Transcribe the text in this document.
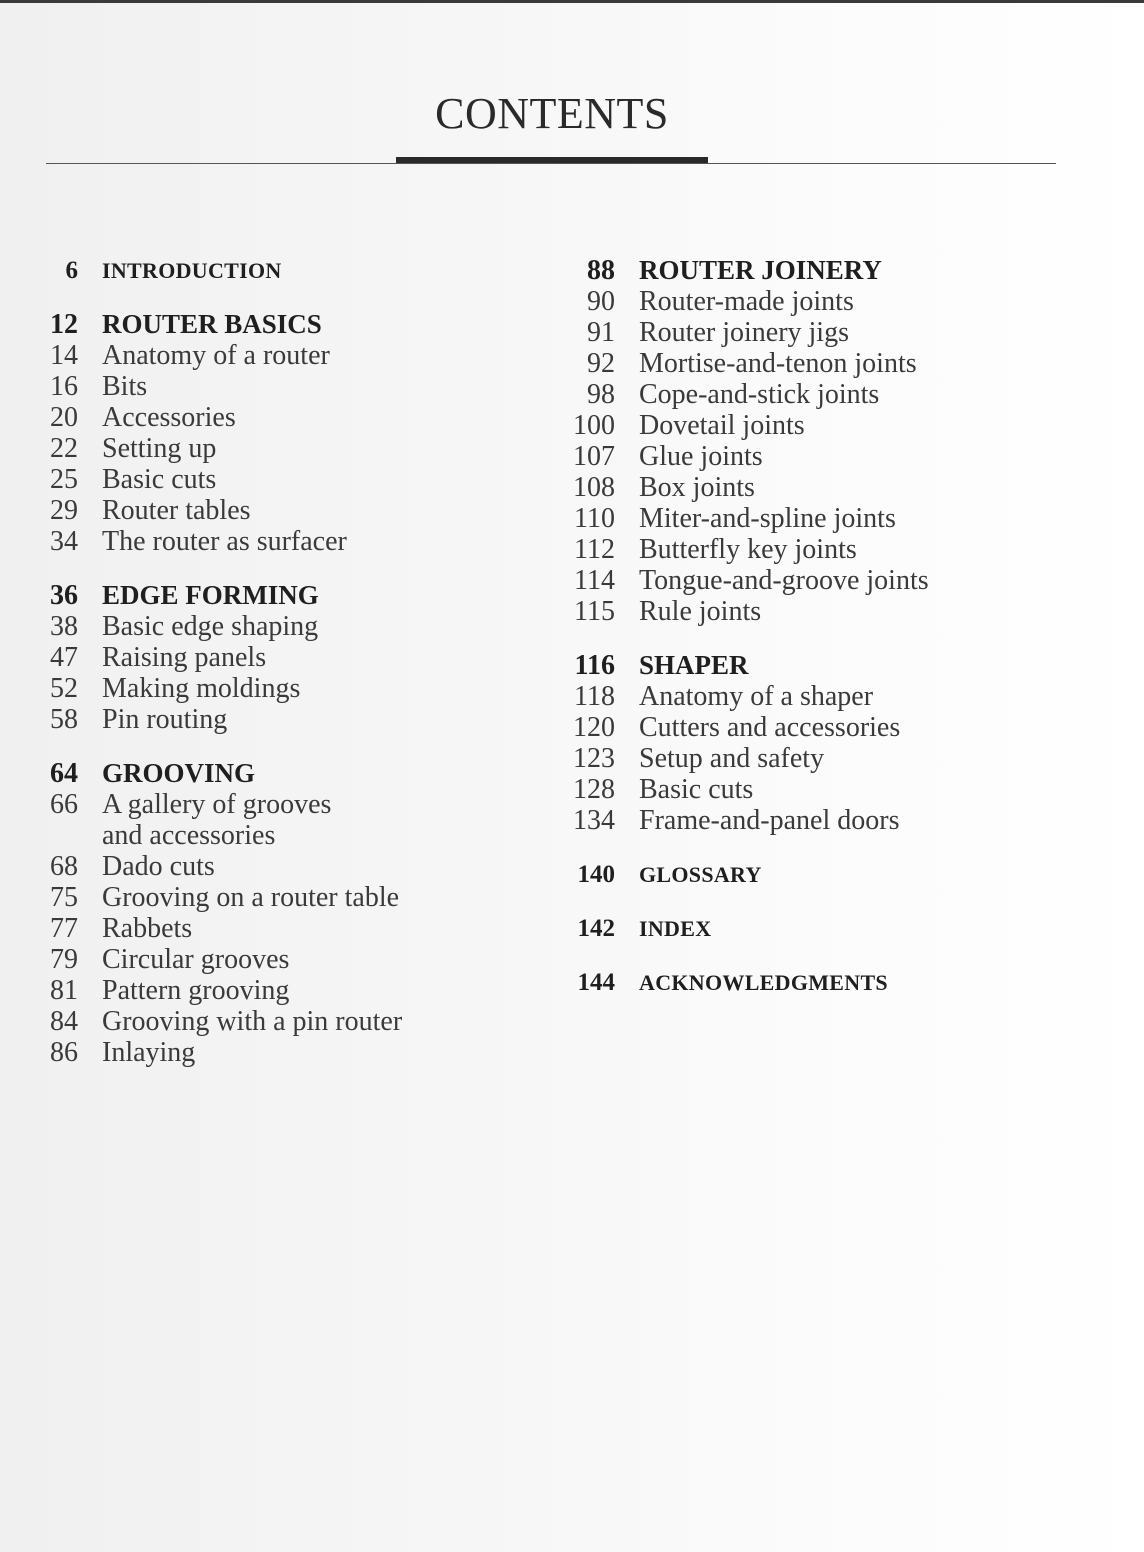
CONTENTS
6 INTRODUCTION
12 ROUTER BASICS
14 Anatomy of a router
16 Bits
20 Accessories
22 Setting up
25 Basic cuts
29 Router tables
34 The router as surfacer
36 EDGE FORMING
38 Basic edge shaping
47 Raising panels
52 Making moldings
58 Pin routing
64 GROOVING
66 A gallery of grooves
and accessories
68 Dado cuts
75 Grooving on a router table
77 Rabbets
79 Circular grooves
81 Pattern grooving
84 Grooving with a pin router
86 Inlaying
88 ROUTER JOINERY
90 Router-made joints
91 Router joinery jigs
92 Mortise-and-tenon joints
98 Cope-and-stick joints
100 Dovetail joints
107 Glue joints
108 Box joints
110 Miter-and-spline joints
112 Butterfly key joints
114 Tongue-and-groove joints
115 Rule joints
116 SHAPER
118 Anatomy of a shaper
120 Cutters and accessories
123 Setup and safety
128 Basic cuts
134 Frame-and-panel doors
140 GLOSSARY
142 INDEX
144 ACKNOWLEDGMENTS
